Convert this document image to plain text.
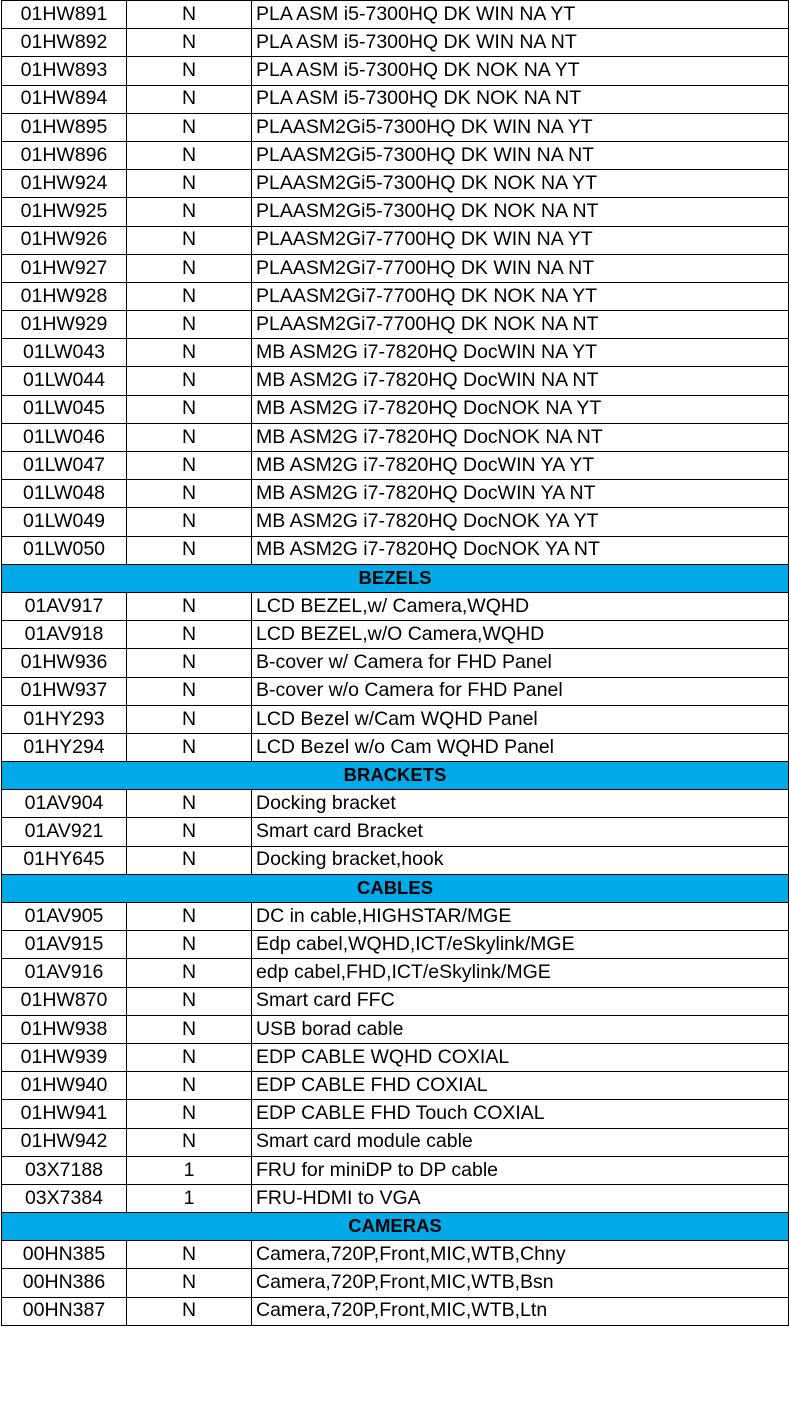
01HW891	N	PLA ASM i5-7300HQ DK WIN NA YT
01HW892	N	PLA ASM i5-7300HQ DK WIN NA NT
01HW893	N	PLA ASM i5-7300HQ DK NOK NA YT
01HW894	N	PLA ASM i5-7300HQ DK NOK NA NT
01HW895	N	PLAASM2Gi5-7300HQ DK WIN NA YT
01HW896	N	PLAASM2Gi5-7300HQ DK WIN NA NT
01HW924	N	PLAASM2Gi5-7300HQ DK NOK NA YT
01HW925	N	PLAASM2Gi5-7300HQ DK NOK NA NT
01HW926	N	PLAASM2Gi7-7700HQ DK WIN NA YT
01HW927	N	PLAASM2Gi7-7700HQ DK WIN NA NT
01HW928	N	PLAASM2Gi7-7700HQ DK NOK NA YT
01HW929	N	PLAASM2Gi7-7700HQ DK NOK NA NT
01LW043	N	MB ASM2G i7-7820HQ DocWIN NA YT
01LW044	N	MB ASM2G i7-7820HQ DocWIN NA NT
01LW045	N	MB ASM2G i7-7820HQ DocNOK NA YT
01LW046	N	MB ASM2G i7-7820HQ DocNOK NA NT
01LW047	N	MB ASM2G i7-7820HQ DocWIN YA YT
01LW048	N	MB ASM2G i7-7820HQ DocWIN YA NT
01LW049	N	MB ASM2G i7-7820HQ DocNOK YA YT
01LW050	N	MB ASM2G i7-7820HQ DocNOK YA NT
BEZELS		
01AV917	N	LCD BEZEL,w/ Camera,WQHD
01AV918	N	LCD BEZEL,w/O Camera,WQHD
01HW936	N	B-cover w/ Camera for FHD Panel
01HW937	N	B-cover w/o Camera for FHD Panel
01HY293	N	LCD Bezel w/Cam WQHD Panel
01HY294	N	LCD Bezel w/o Cam WQHD Panel
BRACKETS		
01AV904	N	Docking bracket
01AV921	N	Smart card Bracket
01HY645	N	Docking bracket,hook
CABLES		
01AV905	N	DC in cable,HIGHSTAR/MGE
01AV915	N	Edp cabel,WQHD,ICT/eSkylink/MGE
01AV916	N	edp cabel,FHD,ICT/eSkylink/MGE
01HW870	N	Smart card FFC
01HW938	N	USB borad cable
01HW939	N	EDP CABLE WQHD COXIAL
01HW940	N	EDP CABLE FHD COXIAL
01HW941	N	EDP CABLE FHD Touch COXIAL
01HW942	N	Smart card module cable
03X7188	1	FRU for miniDP to DP cable
03X7384	1	FRU-HDMI to VGA
CAMERAS		
00HN385	N	Camera,720P,Front,MIC,WTB,Chny
00HN386	N	Camera,720P,Front,MIC,WTB,Bsn
00HN387	N	Camera,720P,Front,MIC,WTB,Ltn
